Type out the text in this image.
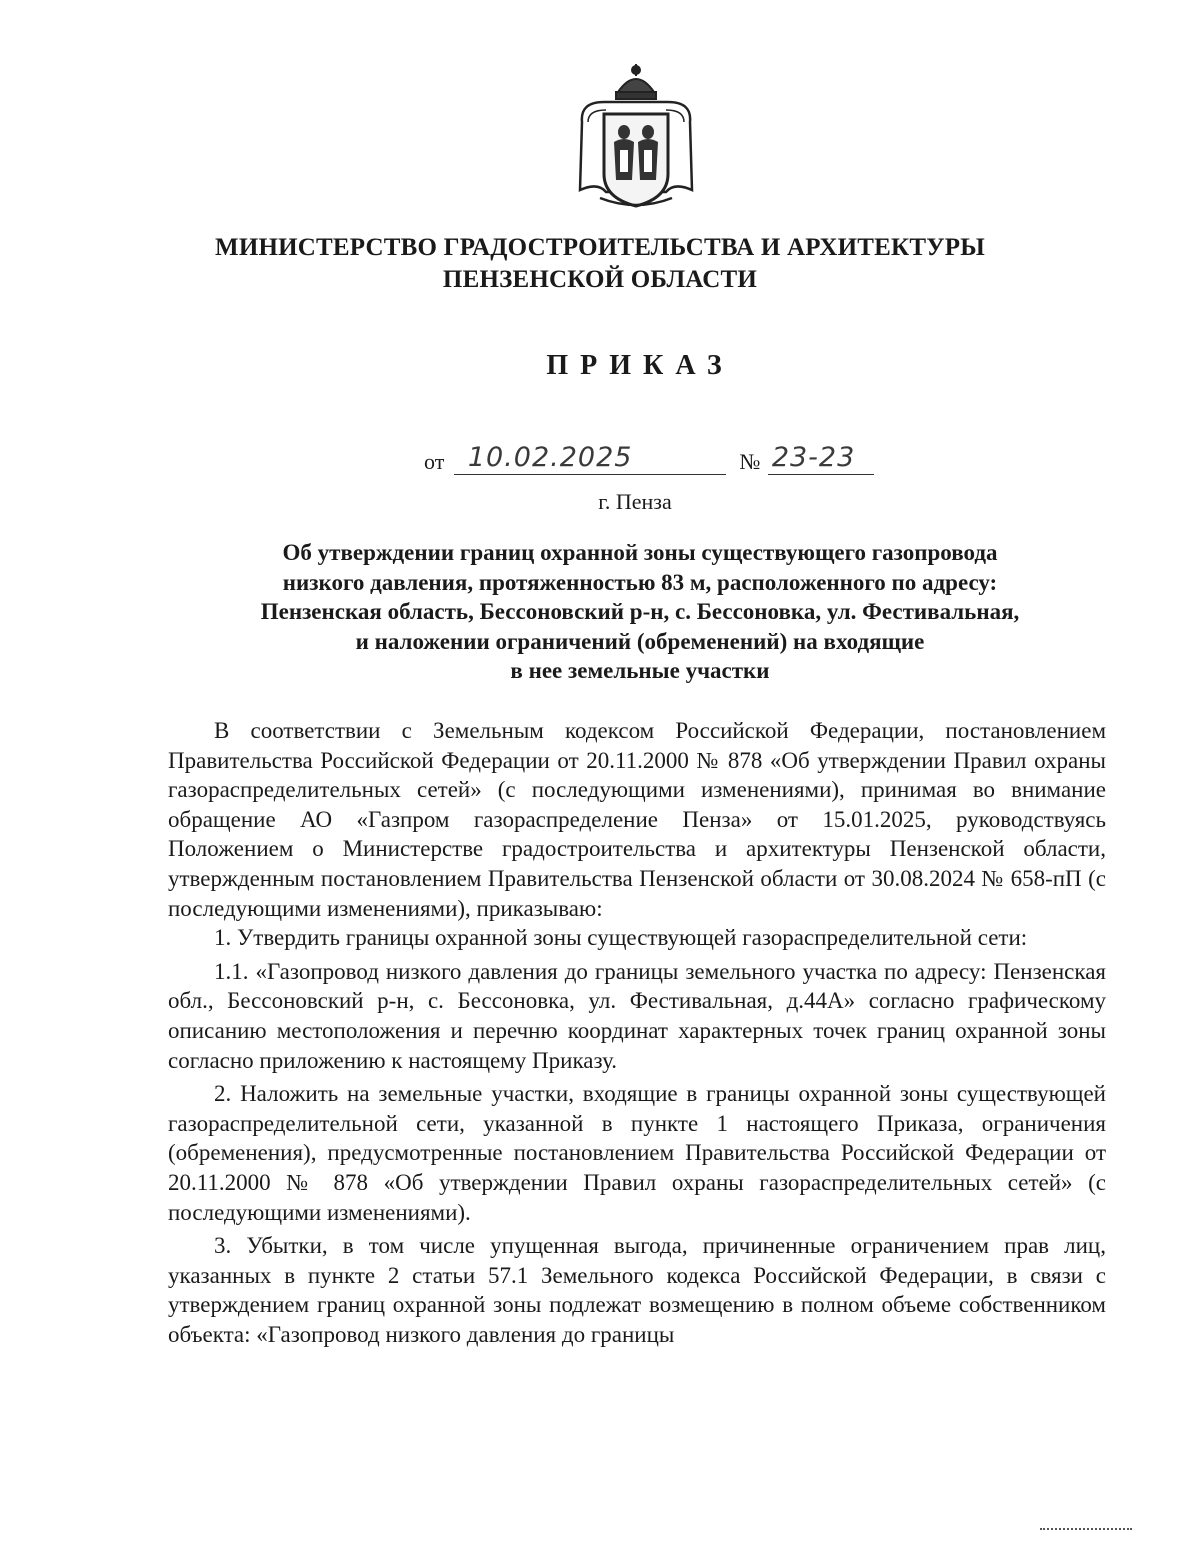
МИНИСТЕРСТВО ГРАДОСТРОИТЕЛЬСТВА И АРХИТЕКТУРЫ
ПЕНЗЕНСКОЙ ОБЛАСТИ
ПРИКАЗ
от 10.02.2025	№ 23-23
г. Пенза
Об утверждении границ охранной зоны существующего газопровода
низкого давления, протяженностью 83 м, расположенного по адресу:
Пензенская область, Бессоновский р-н, с. Бессоновка, ул. Фестивальная,
и наложении ограничений (обременений) на входящие
в нее земельные участки

В соответствии с Земельным кодексом Российской Федерации, постановлением Правительства Российской Федерации от 20.11.2000 № 878 «Об утверждении Правил охраны газораспределительных сетей» (с последующими изменениями), принимая во внимание обращение АО «Газпром газораспределение Пенза» от 15.01.2025, руководствуясь Положением о Министерстве градостроительства и архитектуры Пензенской области, утвержденным постановлением Правительства Пензенской области от 30.08.2024 № 658-пП (с последующими изменениями), приказываю:

1. Утвердить границы охранной зоны существующей газораспределительной сети:

1.1. «Газопровод низкого давления до границы земельного участка по адресу: Пензенская обл., Бессоновский р-н, с. Бессоновка, ул. Фестивальная, д.44А» согласно графическому описанию местоположения и перечню координат характерных точек границ охранной зоны согласно приложению к настоящему Приказу.

2. Наложить на земельные участки, входящие в границы охранной зоны существующей газораспределительной сети, указанной в пункте 1 настоящего Приказа, ограничения (обременения), предусмотренные постановлением Правительства Российской Федерации от 20.11.2000 № 878 «Об утверждении Правил охраны газораспределительных сетей» (с последующими изменениями).

3. Убытки, в том числе упущенная выгода, причиненные ограничением прав лиц, указанных в пункте 2 статьи 57.1 Земельного кодекса Российской Федерации, в связи с утверждением границ охранной зоны подлежат возмещению в полном объеме собственником объекта: «Газопровод низкого давления до границы
